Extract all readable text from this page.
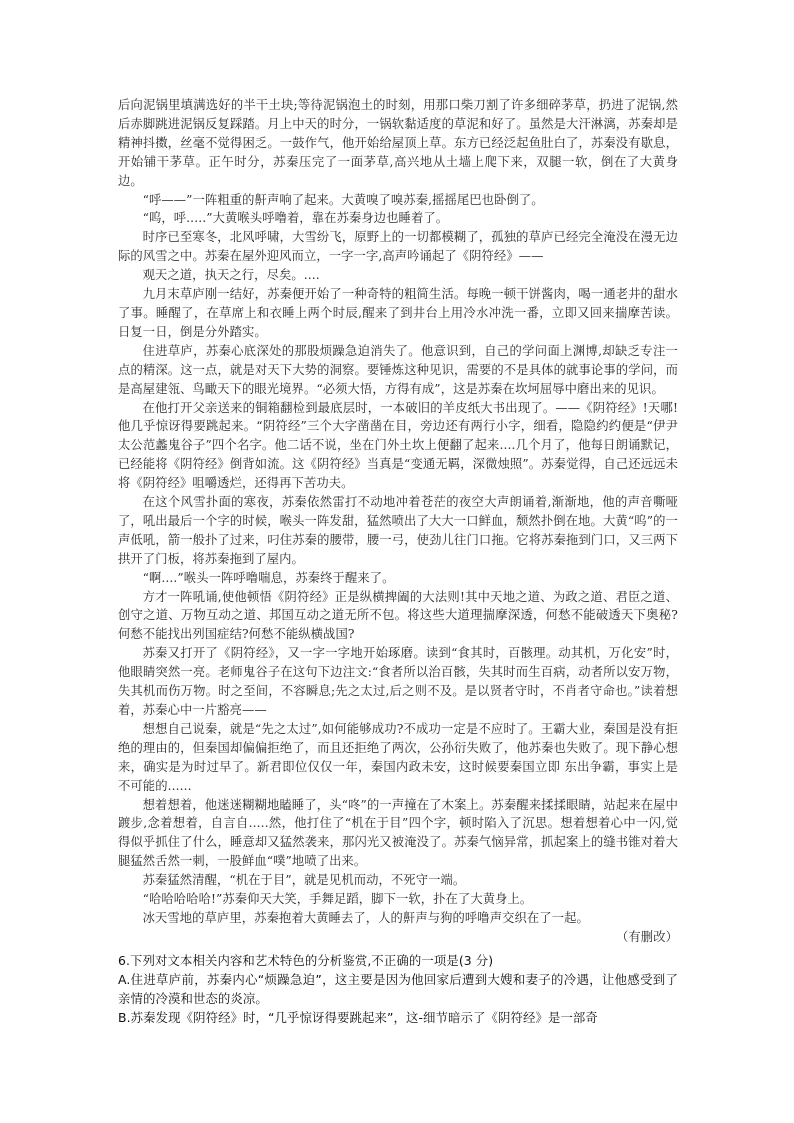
后向泥锅里填满选好的半干土块;等待泥锅泡土的时刻，用那口柴刀割了许多细碎茅草，扔进了泥锅,然后赤脚跳进泥锅反复踩踏。月上中天的时分，一锅软黏适度的草泥和好了。虽然是大汗淋漓，苏秦却是精神抖擞，丝毫不觉得困乏。一鼓作气，他开始给屋顶上草。东方已经泛起鱼肚白了，苏秦没有歇息，开始铺干茅草。正午时分，苏秦压完了一面茅草,高兴地从土墙上爬下来，双腿一软，倒在了大黄身边。

“呼——”一阵粗重的鼾声响了起来。大黄嗅了嗅苏秦,摇摇尾巴也卧倒了。

“呜，呼.....”大黄喉头呼噜着，靠在苏秦身边也睡着了。

时序已至寒冬，北风呼啸，大雪纷飞，原野上的一切都模糊了，孤独的草庐已经完全淹没在漫无边际的风雪之中。苏秦在屋外迎风而立，一字一字,高声吟诵起了《阴符经》——

观天之道，执天之行，尽矣。....

九月末草庐刚一结好，苏秦便开始了一种奇特的粗简生活。每晚一顿干饼酱肉，喝一通老井的甜水了事。睡醒了，在草席上和衣睡上两个时辰,醒来了到井台上用冷水冲洗一番，立即又回来揣摩苦读。日复一日，倒是分外踏实。

住进草庐，苏秦心底深处的那股烦躁急迫消失了。他意识到，自己的学问面上渊博,却缺乏专注一点的精深。这一点，就是对天下大势的洞察。要锤炼这种见识，需要的不是具体的就事论事的学问，而是高屋建瓴、鸟瞰天下的眼光境界。“必须大悟，方得有成”，这是苏秦在坎坷屈辱中磨出来的见识。

在他打开父亲送来的铜箱翻检到最底层时，一本破旧的羊皮纸大书出现了。——《阴符经》!天哪!他几乎惊讶得要跳起来。“阴符经”三个大字凿凿在目，旁边还有两行小字，细看，隐隐约约便是“伊尹太公范蠡鬼谷子”四个名字。他二话不说，坐在门外土坎上便翻了起来....几个月了，他每日朗诵默记，已经能将《阴符经》倒背如流。这《阴符经》当真是“变通无羁，深微烛照”。苏秦觉得，自己还远远未将《阴符经》咀嚼透烂，还得再下苦功夫。

在这个风雪扑面的寒夜，苏秦依然雷打不动地冲着苍茫的夜空大声朗诵着,渐渐地，他的声音嘶哑了，吼出最后一个字的时候，喉头一阵发甜，猛然喷出了大大一口鲜血，颓然扑倒在地。大黄“呜”的一声低吼，箭一般扑了过来，叼住苏秦的腰带，腰一弓，使劲儿往门口拖。它将苏秦拖到门口，又三两下拱开了门板，将苏秦拖到了屋内。

“啊....”喉头一阵呼噜喘息，苏秦终于醒来了。

方才一阵吼诵,使他顿悟《阴符经》正是纵横捭阖的大法则!其中天地之道、为政之道、君臣之道、创守之道、万物互动之道、邦国互动之道无所不包。将这些大道理揣摩深透，何愁不能破透天下奥秘?何愁不能找出列国症结?何愁不能纵横战国?

苏秦又打开了《阴符经》，又一字一字地开始琢磨。读到“食其时，百骸理。动其机，万化安”时，他眼睛突然一亮。老师鬼谷子在这句下边注文:“食者所以治百骸，失其时而生百病，动者所以安万物，失其机而伤万物。时之至间，不容瞬息;先之太过,后之则不及。是以贤者守时，不肖者守命也。”读着想着，苏秦心中一片豁亮——

想想自己说秦，就是“先之太过”,如何能够成功?不成功一定是不应时了。王霸大业，秦国是没有拒绝的理由的，但秦国却偏偏拒绝了，而且还拒绝了两次，公孙衍失败了，他苏秦也失败了。现下静心想来，确实是为时过早了。新君即位仅仅一年，秦国内政未安，这时候要秦国立即 东出争霸，事实上是不可能的......

想着想着，他迷迷糊糊地瞌睡了，头“咚”的一声撞在了木案上。苏秦醒来揉揉眼睛，站起来在屋中踱步,念着想着，自言自.....然，他打住了“机在于目”四个字，顿时陷入了沉思。想着想着心中一闪,觉得似乎抓住了什么，睡意却又猛然袭来，那闪光又被淹没了。苏秦气恼异常，抓起案上的缝书锥对着大腿猛然舌然一刺，一股鲜血“噗”地喷了出来。

苏秦猛然清醒，“机在于目”，就是见机而动，不死守一端。

“哈哈哈哈哈!”苏秦仰天大笑，手舞足蹈，脚下一软，扑在了大黄身上。

冰天雪地的草庐里，苏秦抱着大黄睡去了，人的鼾声与狗的呼噜声交织在了一起。

（有删改）

6.下列对文本相关内容和艺术特色的分析鉴赏,不正确的一项是(3 分)

A.住进草庐前，苏秦内心“烦躁急迫”，这主要是因为他回家后遭到大嫂和妻子的冷遇，让他感受到了亲情的冷漠和世态的炎凉。

B.苏秦发现《阴符经》时，“几乎惊讶得要跳起来”，这-细节暗示了《阴符经》是一部奇
